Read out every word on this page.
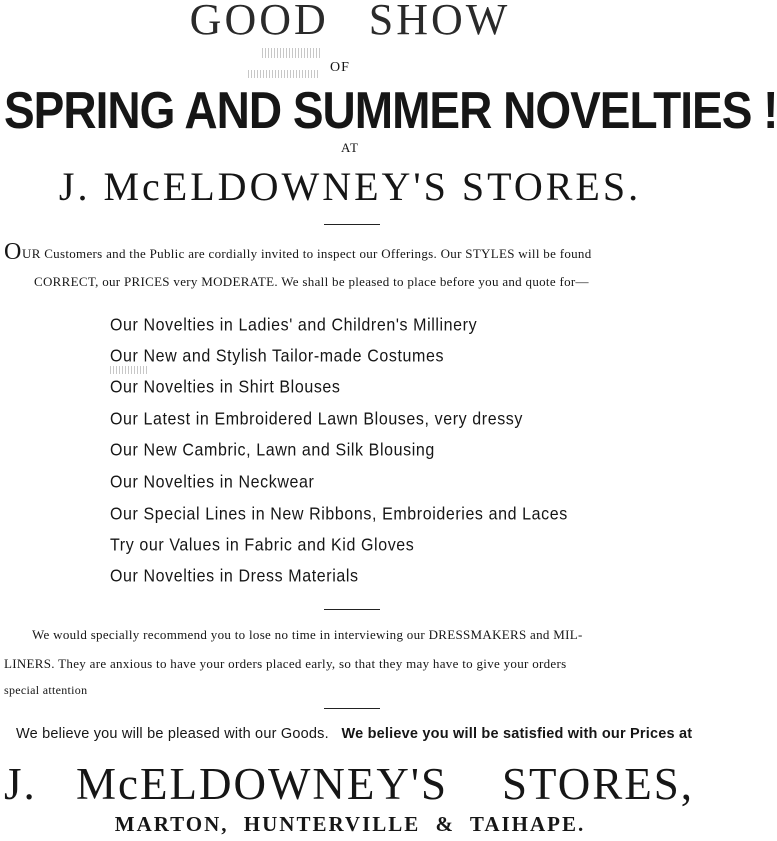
GOOD SHOW
OF
SPRING AND SUMMER NOVELTIES !
AT
J. McELDOWNEY'S STORES.
O UR Customers and the Public are cordially invited to inspect our Offerings. Our STYLES will be found
CORRECT, our PRICES very MODERATE. We shall be pleased to place before you and quote for—
Our Novelties in Ladies' and Children's Millinery
Our New and Stylish Tailor-made Costumes
Our Novelties in Shirt Blouses
Our Latest in Embroidered Lawn Blouses, very dressy
Our New Cambric, Lawn and Silk Blousing
Our Novelties in Neckwear
Our Special Lines in New Ribbons, Embroideries and Laces
Try our Values in Fabric and Kid Gloves
Our Novelties in Dress Materials
We would specially recommend you to lose no time in interviewing our DRESSMAKERS and MIL-
LINERS. They are anxious to have your orders placed early, so that they may have to give your orders
special attention
We believe you will be pleased with our Goods. We believe you will be satisfied with our Prices at
J. McELDOWNEY'S STORES,
MARTON, HUNTERVILLE & TAIHAPE.
